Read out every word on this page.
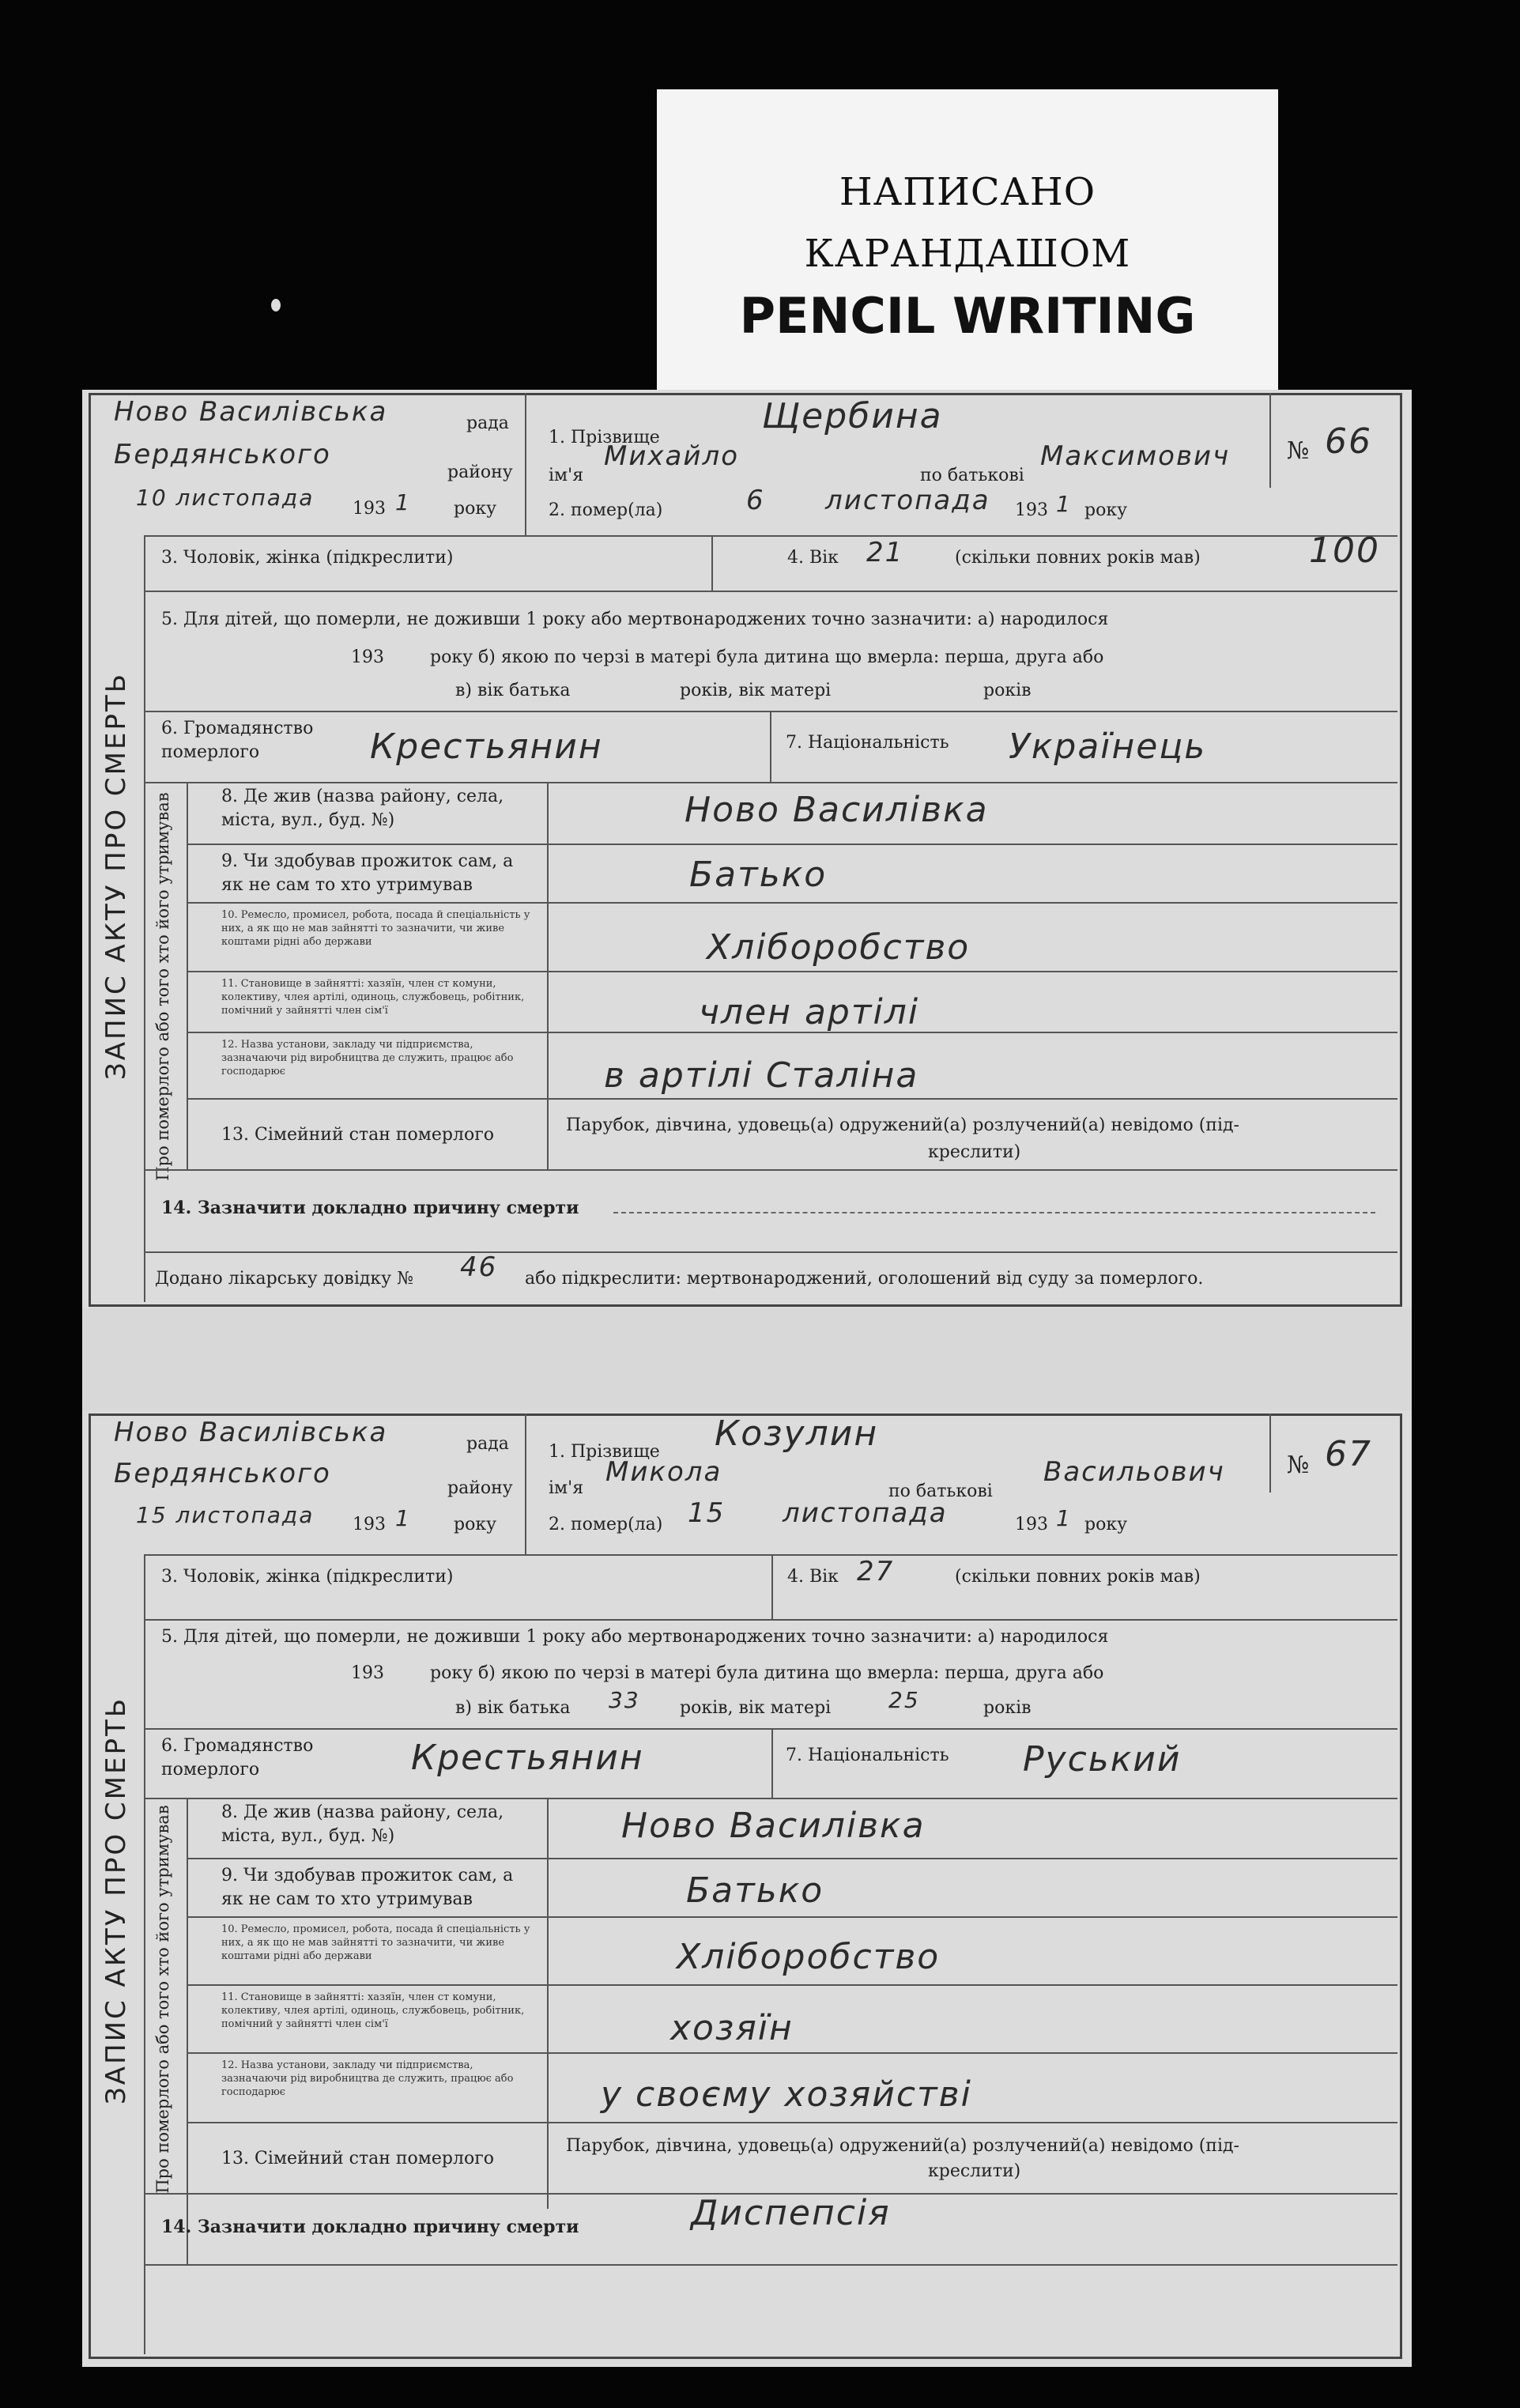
НАПИСАНО
КАРАНДАШОМ
PENCIL WRITING
Ново Василівська	рада
Бердянського
району
10 листопада 193 1 року
1. Прізвище
Щербина
ім'я
Михайло
по батькові
Максимович
2. помер(ла)	6 листопада 193 1 року
№ 66
ЗАПИС АКТУ ПРО СМЕРТЬ Про померлого або того хто його утримував
3. Чоловік, жінка (підкреслити)	4. Вік 21	(скільки повних років мав)	100
5. Для дітей, що померли, не доживши 1 року або мертвонароджених точно зазначити: а) народилося
193	року б) якою по черзі в матері була дитина що вмерла: перша, друга або
в) вік батька	років, вік матері	років
6. Громадянство померлого	Крестьянин	7. Національність Українець
8. Де жив (назва району, села, міста, вул., буд. №)	Ново Василівка
9. Чи здобував прожиток сам, а як не сам то хто утримував	Батько
10. Ремесло, промисел, робота, посада й спеціальність у них, а як що не мав зайнятті то зазначити, чи живе коштами рідні або держави	Хліборобство
11. Становище в зайнятті: хазяїн, член ст комуни, колективу, члея артілі, одиноць, службовець, робітник, помічний у зайнятті член сім'ї	член артілі
12. Назва установи, закладу чи підприємства, зазначаючи рід виробництва де служить, працює або господарює	в артілі Сталіна
13. Сімейний стан померлого	Парубок, дівчина, удовець(а) одружений(а) розлучений(а) невідомо (під-
креслити)
14. Зазначити докладно причину смерти
Додано лікарську довідку № 46 або підкреслити: мертвонароджений, оголошений від суду за померлого.
Ново Василівська	рада
Бердянського	району
15 листопада 193 1 року
1. Прізвище Козулин
ім'я
Микола
по батькові
Васильович
2. помер(ла) 15 листопада	193 1 року
№ 67
ЗАПИС АКТУ ПРО СМЕРТЬ Про померлого або того хто його утримував
3. Чоловік, жінка (підкреслити)	4. Вік 27	(скільки повних років мав)
5. Для дітей, що померли, не доживши 1 року або мертвонароджених точно зазначити: а) народилося
193	року б) якою по черзі в матері була дитина що вмерла: перша, друга або
в) вік батька 33 років, вік матері	25	років
6. Громадянство померлого	Крестьянин	7. Національність Руський
8. Де жив (назва району, села, міста, вул., буд. №)	Ново Василівка
9. Чи здобував прожиток сам, а як не сам то хто утримував	Батько
10. Ремесло, промисел, робота, посада й спеціальність у них, а як що не мав зайнятті то зазначити, чи живе коштами рідні або держави	Хліборобство
11. Становище в зайнятті: хазяїн, член ст комуни, колективу, члея артілі, одиноць, службовець, робітник, помічний у зайнятті член сім'ї	хозяїн
12. Назва установи, закладу чи підприємства, зазначаючи рід виробництва де служить, працює або господарює	у своєму хозяйстві
13. Сімейний стан померлого
Парубок, дівчина, удовець(а) одружений(а) розлучений(а) невідомо (під-
креслити)
14. Зазначити докладно причину смерти	Диспепсія
